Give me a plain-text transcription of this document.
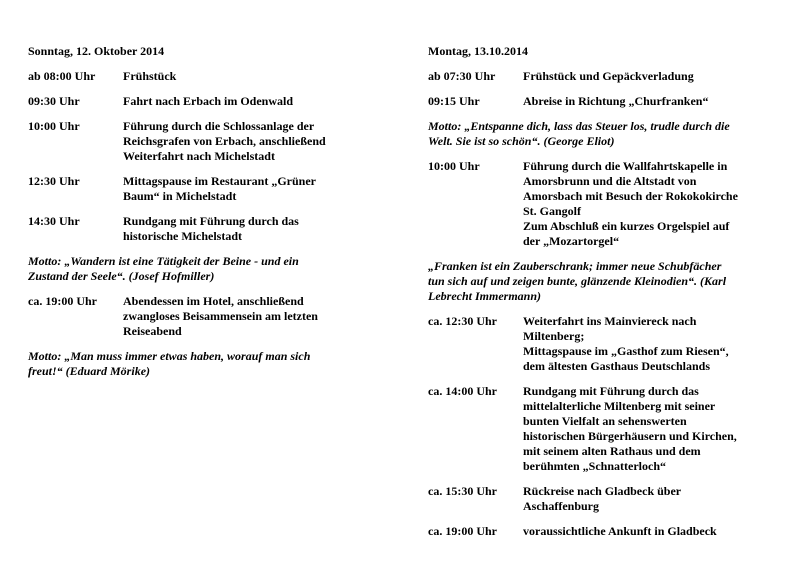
Sonntag, 12. Oktober 2014
ab 08:00 Uhr	Frühstück
09:30 Uhr	Fahrt nach Erbach im Odenwald
10:00 Uhr	Führung durch die Schlossanlage der
Reichsgrafen von Erbach, anschließend
Weiterfahrt nach Michelstadt
12:30 Uhr	Mittagspause im Restaurant „Grüner
Baum“ in Michelstadt
14:30 Uhr	Rundgang mit Führung durch das
historische Michelstadt
Motto: „Wandern ist eine Tätigkeit der Beine - und ein
Zustand der Seele“. (Josef Hofmiller)
ca. 19:00 Uhr	Abendessen im Hotel, anschließend
zwangloses Beisammensein am letzten
Reiseabend
Motto: „Man muss immer etwas haben, worauf man sich
freut!“ (Eduard Mörike)
Montag, 13.10.2014
ab 07:30 Uhr	Frühstück und Gepäckverladung
09:15 Uhr	Abreise in Richtung „Churfranken“
Motto: „Entspanne dich, lass das Steuer los, trudle durch die
Welt. Sie ist so schön“. (George Eliot)
10:00 Uhr	Führung durch die Wallfahrtskapelle in
Amorsbrunn und die Altstadt von
Amorsbach mit Besuch der Rokokokirche
St. Gangolf
Zum Abschluß ein kurzes Orgelspiel auf
der „Mozartorgel“
„Franken ist ein Zauberschrank; immer neue Schubfächer
tun sich auf und zeigen bunte, glänzende Kleinodien“. (Karl
Lebrecht Immermann)
ca. 12:30 Uhr	Weiterfahrt ins Mainviereck nach
Miltenberg;
Mittagspause im „Gasthof zum Riesen“,
dem ältesten Gasthaus Deutschlands
ca. 14:00 Uhr	Rundgang mit Führung durch das
mittelalterliche Miltenberg mit seiner
bunten Vielfalt an sehenswerten
historischen Bürgerhäusern und Kirchen,
mit seinem alten Rathaus und dem
berühmten „Schnatterloch“
ca. 15:30 Uhr	Rückreise nach Gladbeck über
Aschaffenburg
ca. 19:00 Uhr	voraussichtliche Ankunft in Gladbeck
